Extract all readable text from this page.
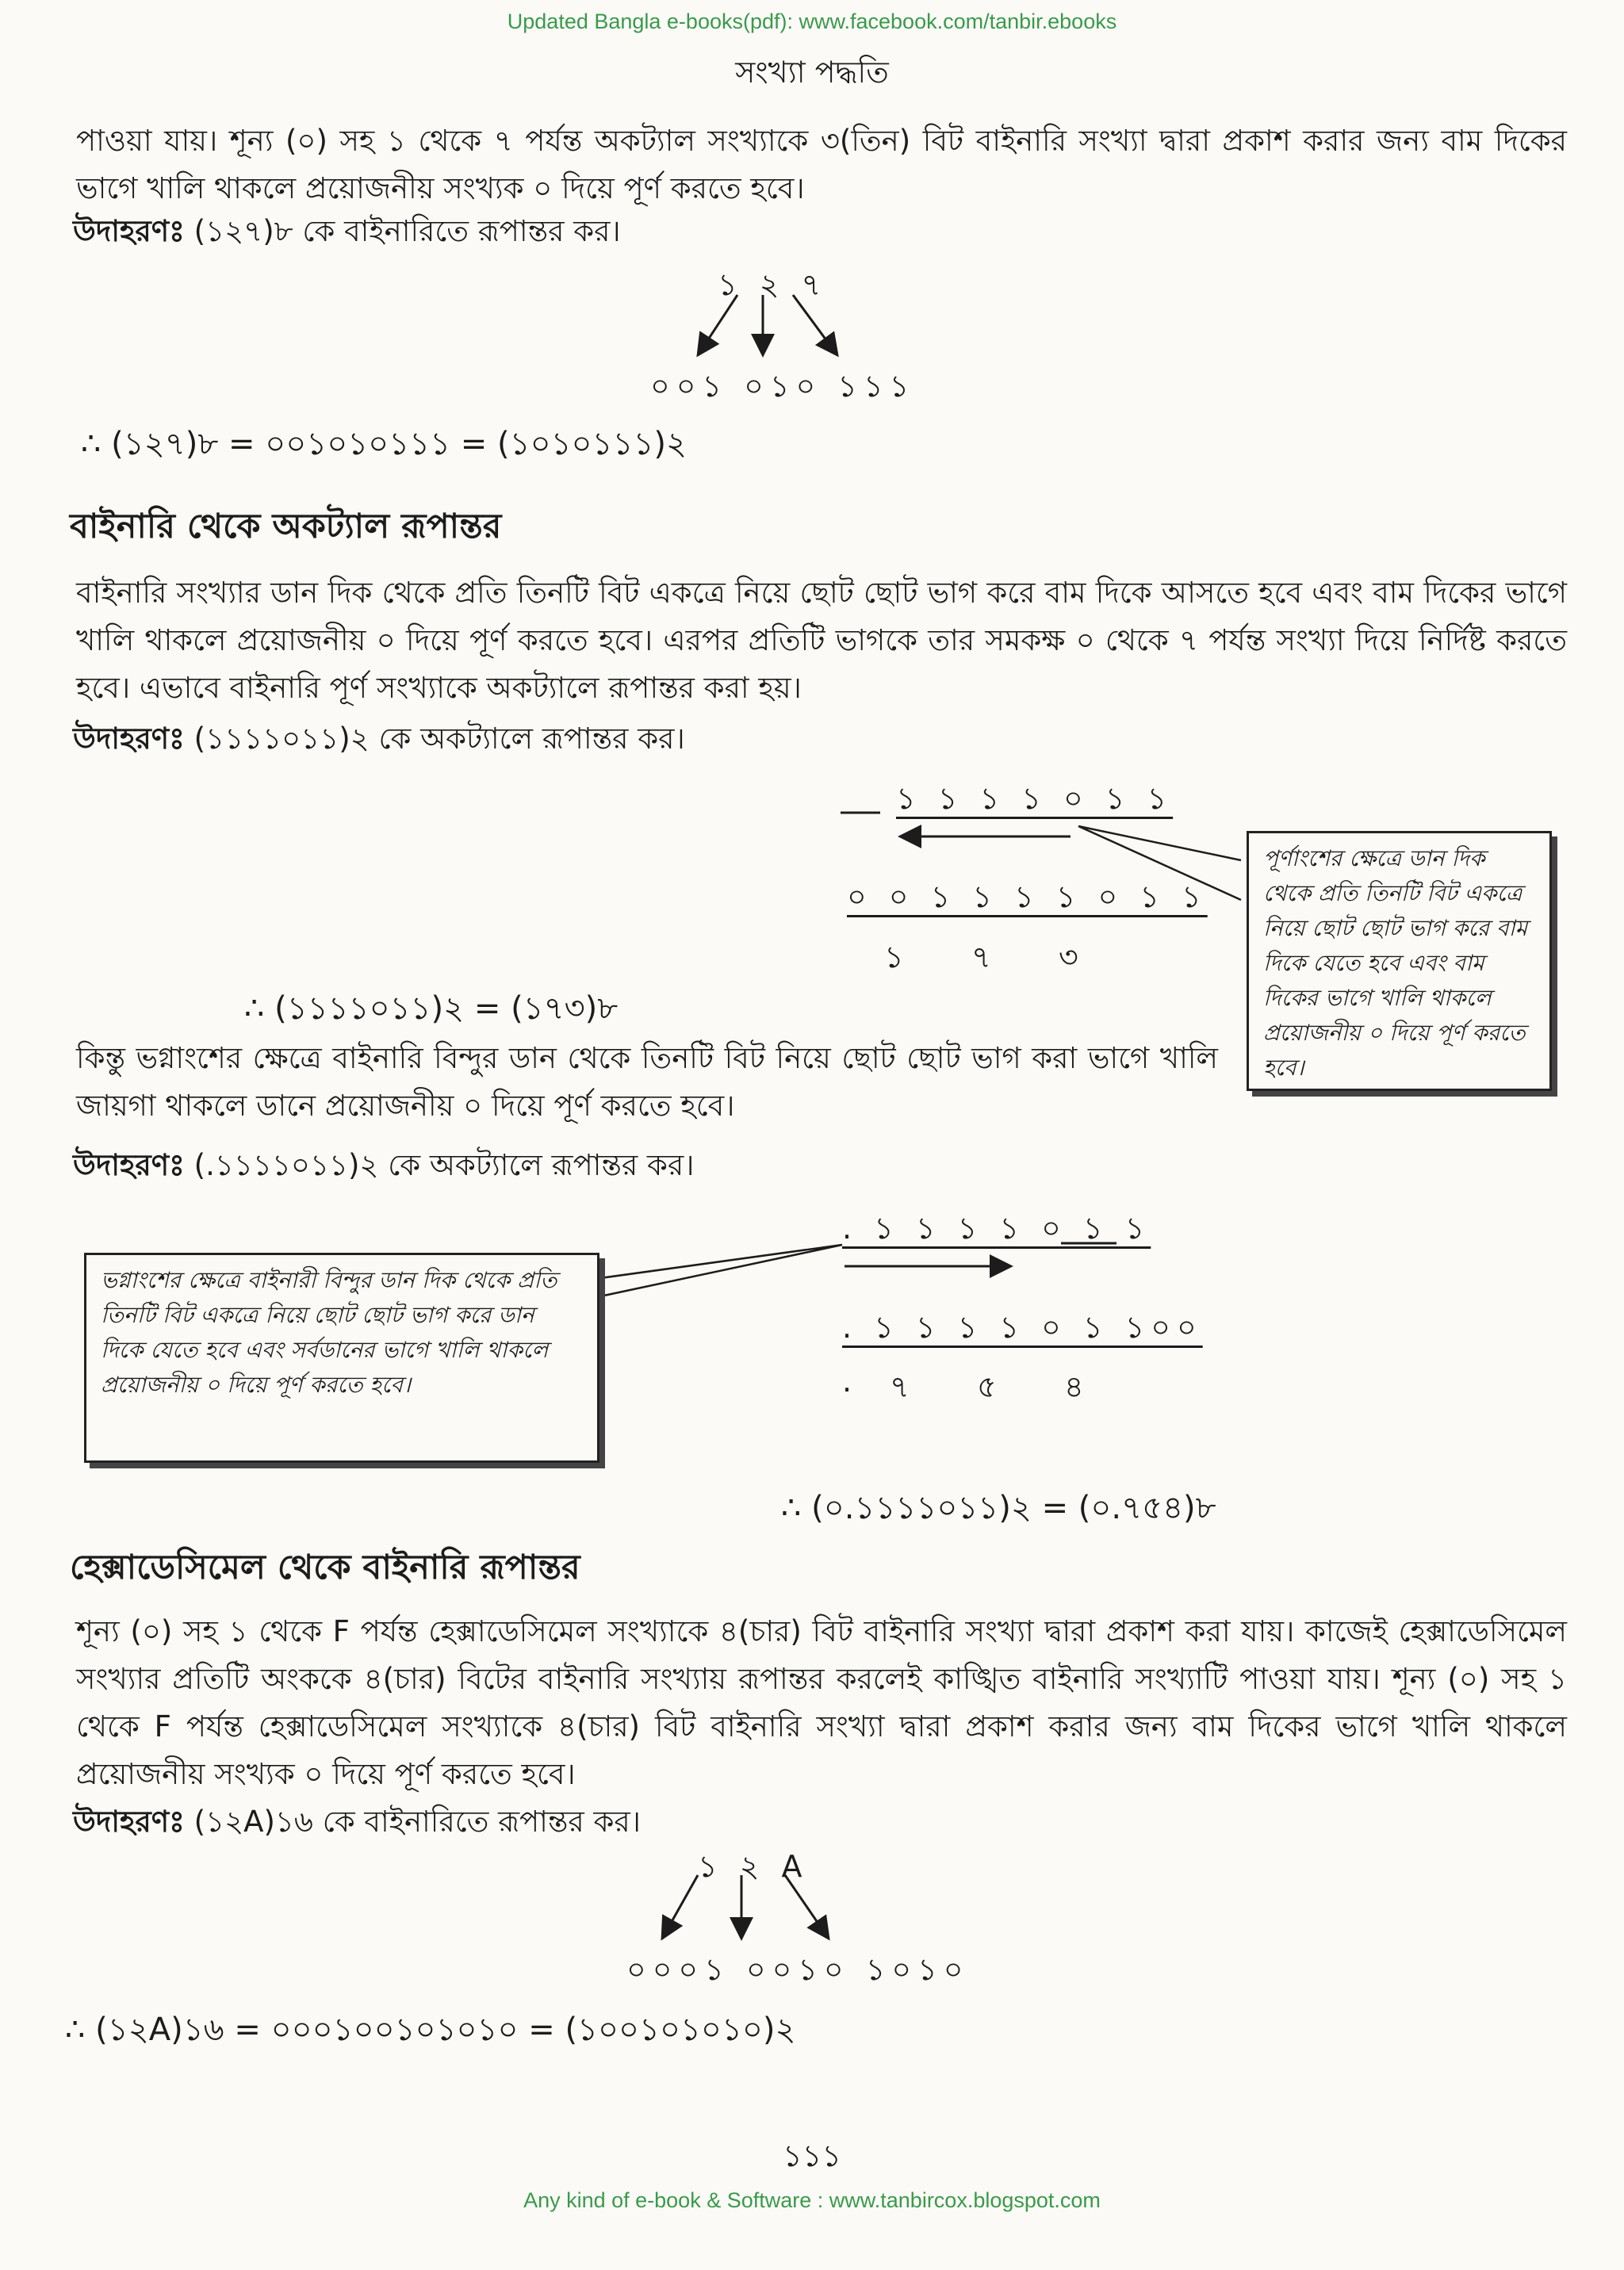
Updated Bangla e-books(pdf): www.facebook.com/tanbir.ebooks
সংখ্যা পদ্ধতি
পাওয়া যায়। শূন্য (০) সহ ১ থেকে ৭ পর্যন্ত অকট্যাল সংখ্যাকে ৩(তিন) বিট বাইনারি সংখ্যা দ্বারা প্রকাশ করার জন্য বাম দিকের ভাগে খালি থাকলে প্রয়োজনীয় সংখ্যক ০ দিয়ে পূর্ণ করতে হবে।
উদাহরণঃ (১২৭)৮ কে বাইনারিতে রূপান্তর কর।
১ ২ ৭
০০১ ০১০ ১১১
∴ (১২৭)৮ = ০০১০১০১১১ = (১০১০১১১)২
বাইনারি থেকে অকট্যাল রূপান্তর
বাইনারি সংখ্যার ডান দিক থেকে প্রতি তিনটি বিট একত্রে নিয়ে ছোট ছোট ভাগ করে বাম দিকে আসতে হবে এবং বাম দিকের ভাগে খালি থাকলে প্রয়োজনীয় ০ দিয়ে পূর্ণ করতে হবে। এরপর প্রতিটি ভাগকে তার সমকক্ষ ০ থেকে ৭ পর্যন্ত সংখ্যা দিয়ে নির্দিষ্ট করতে হবে। এভাবে বাইনারি পূর্ণ সংখ্যাকে অকট্যালে রূপান্তর করা হয়।
উদাহরণঃ (১১১১০১১)২ কে অকট্যালে রূপান্তর কর।
১ ১ ১ ১ ০ ১ ১
০ ০ ১ ১ ১ ১ ০ ১ ১
১ ৭ ৩
∴ (১১১১০১১)২ = (১৭৩)৮
পূর্ণাংশের ক্ষেত্রে ডান দিক থেকে প্রতি তিনটি বিট একত্রে নিয়ে ছোট ছোট ভাগ করে বাম দিকে যেতে হবে এবং বাম দিকের ভাগে খালি থাকলে প্রয়োজনীয় ০ দিয়ে পূর্ণ করতে হবে।
কিন্তু ভগ্নাংশের ক্ষেত্রে বাইনারি বিন্দুর ডান থেকে তিনটি বিট নিয়ে ছোট ছোট ভাগ করা ভাগে খালি জায়গা থাকলে ডানে প্রয়োজনীয় ০ দিয়ে পূর্ণ করতে হবে।
উদাহরণঃ (.১১১১০১১)২ কে অকট্যালে রূপান্তর কর।
. ১ ১ ১ ১ ০ ১ ১
. ১ ১ ১ ১ ০ ১ ১০০
. ৭ ৫ ৪
ভগ্নাংশের ক্ষেত্রে বাইনারী বিন্দুর ডান দিক থেকে প্রতি তিনটি বিট একত্রে নিয়ে ছোট ছোট ভাগ করে ডান দিকে যেতে হবে এবং সর্বডানের ভাগে খালি থাকলে প্রয়োজনীয় ০ দিয়ে পূর্ণ করতে হবে।
∴ (০.১১১১০১১)২ = (০.৭৫৪)৮
হেক্সাডেসিমেল থেকে বাইনারি রূপান্তর
শূন্য (০) সহ ১ থেকে F পর্যন্ত হেক্সাডেসিমেল সংখ্যাকে ৪(চার) বিট বাইনারি সংখ্যা দ্বারা প্রকাশ করা যায়। কাজেই হেক্সাডেসিমেল সংখ্যার প্রতিটি অংককে ৪(চার) বিটের বাইনারি সংখ্যায় রূপান্তর করলেই কাঙ্খিত বাইনারি সংখ্যাটি পাওয়া যায়। শূন্য (০) সহ ১ থেকে F পর্যন্ত হেক্সাডেসিমেল সংখ্যাকে ৪(চার) বিট বাইনারি সংখ্যা দ্বারা প্রকাশ করার জন্য বাম দিকের ভাগে খালি থাকলে প্রয়োজনীয় সংখ্যক ০ দিয়ে পূর্ণ করতে হবে।
উদাহরণঃ (১২A)১৬ কে বাইনারিতে রূপান্তর কর।
১ ২ A
০০০১ ০০১০ ১০১০
∴ (১২A)১৬ = ০০০১০০১০১০১০ = (১০০১০১০১০)২
১১১
Any kind of e-book & Software : www.tanbircox.blogspot.com
